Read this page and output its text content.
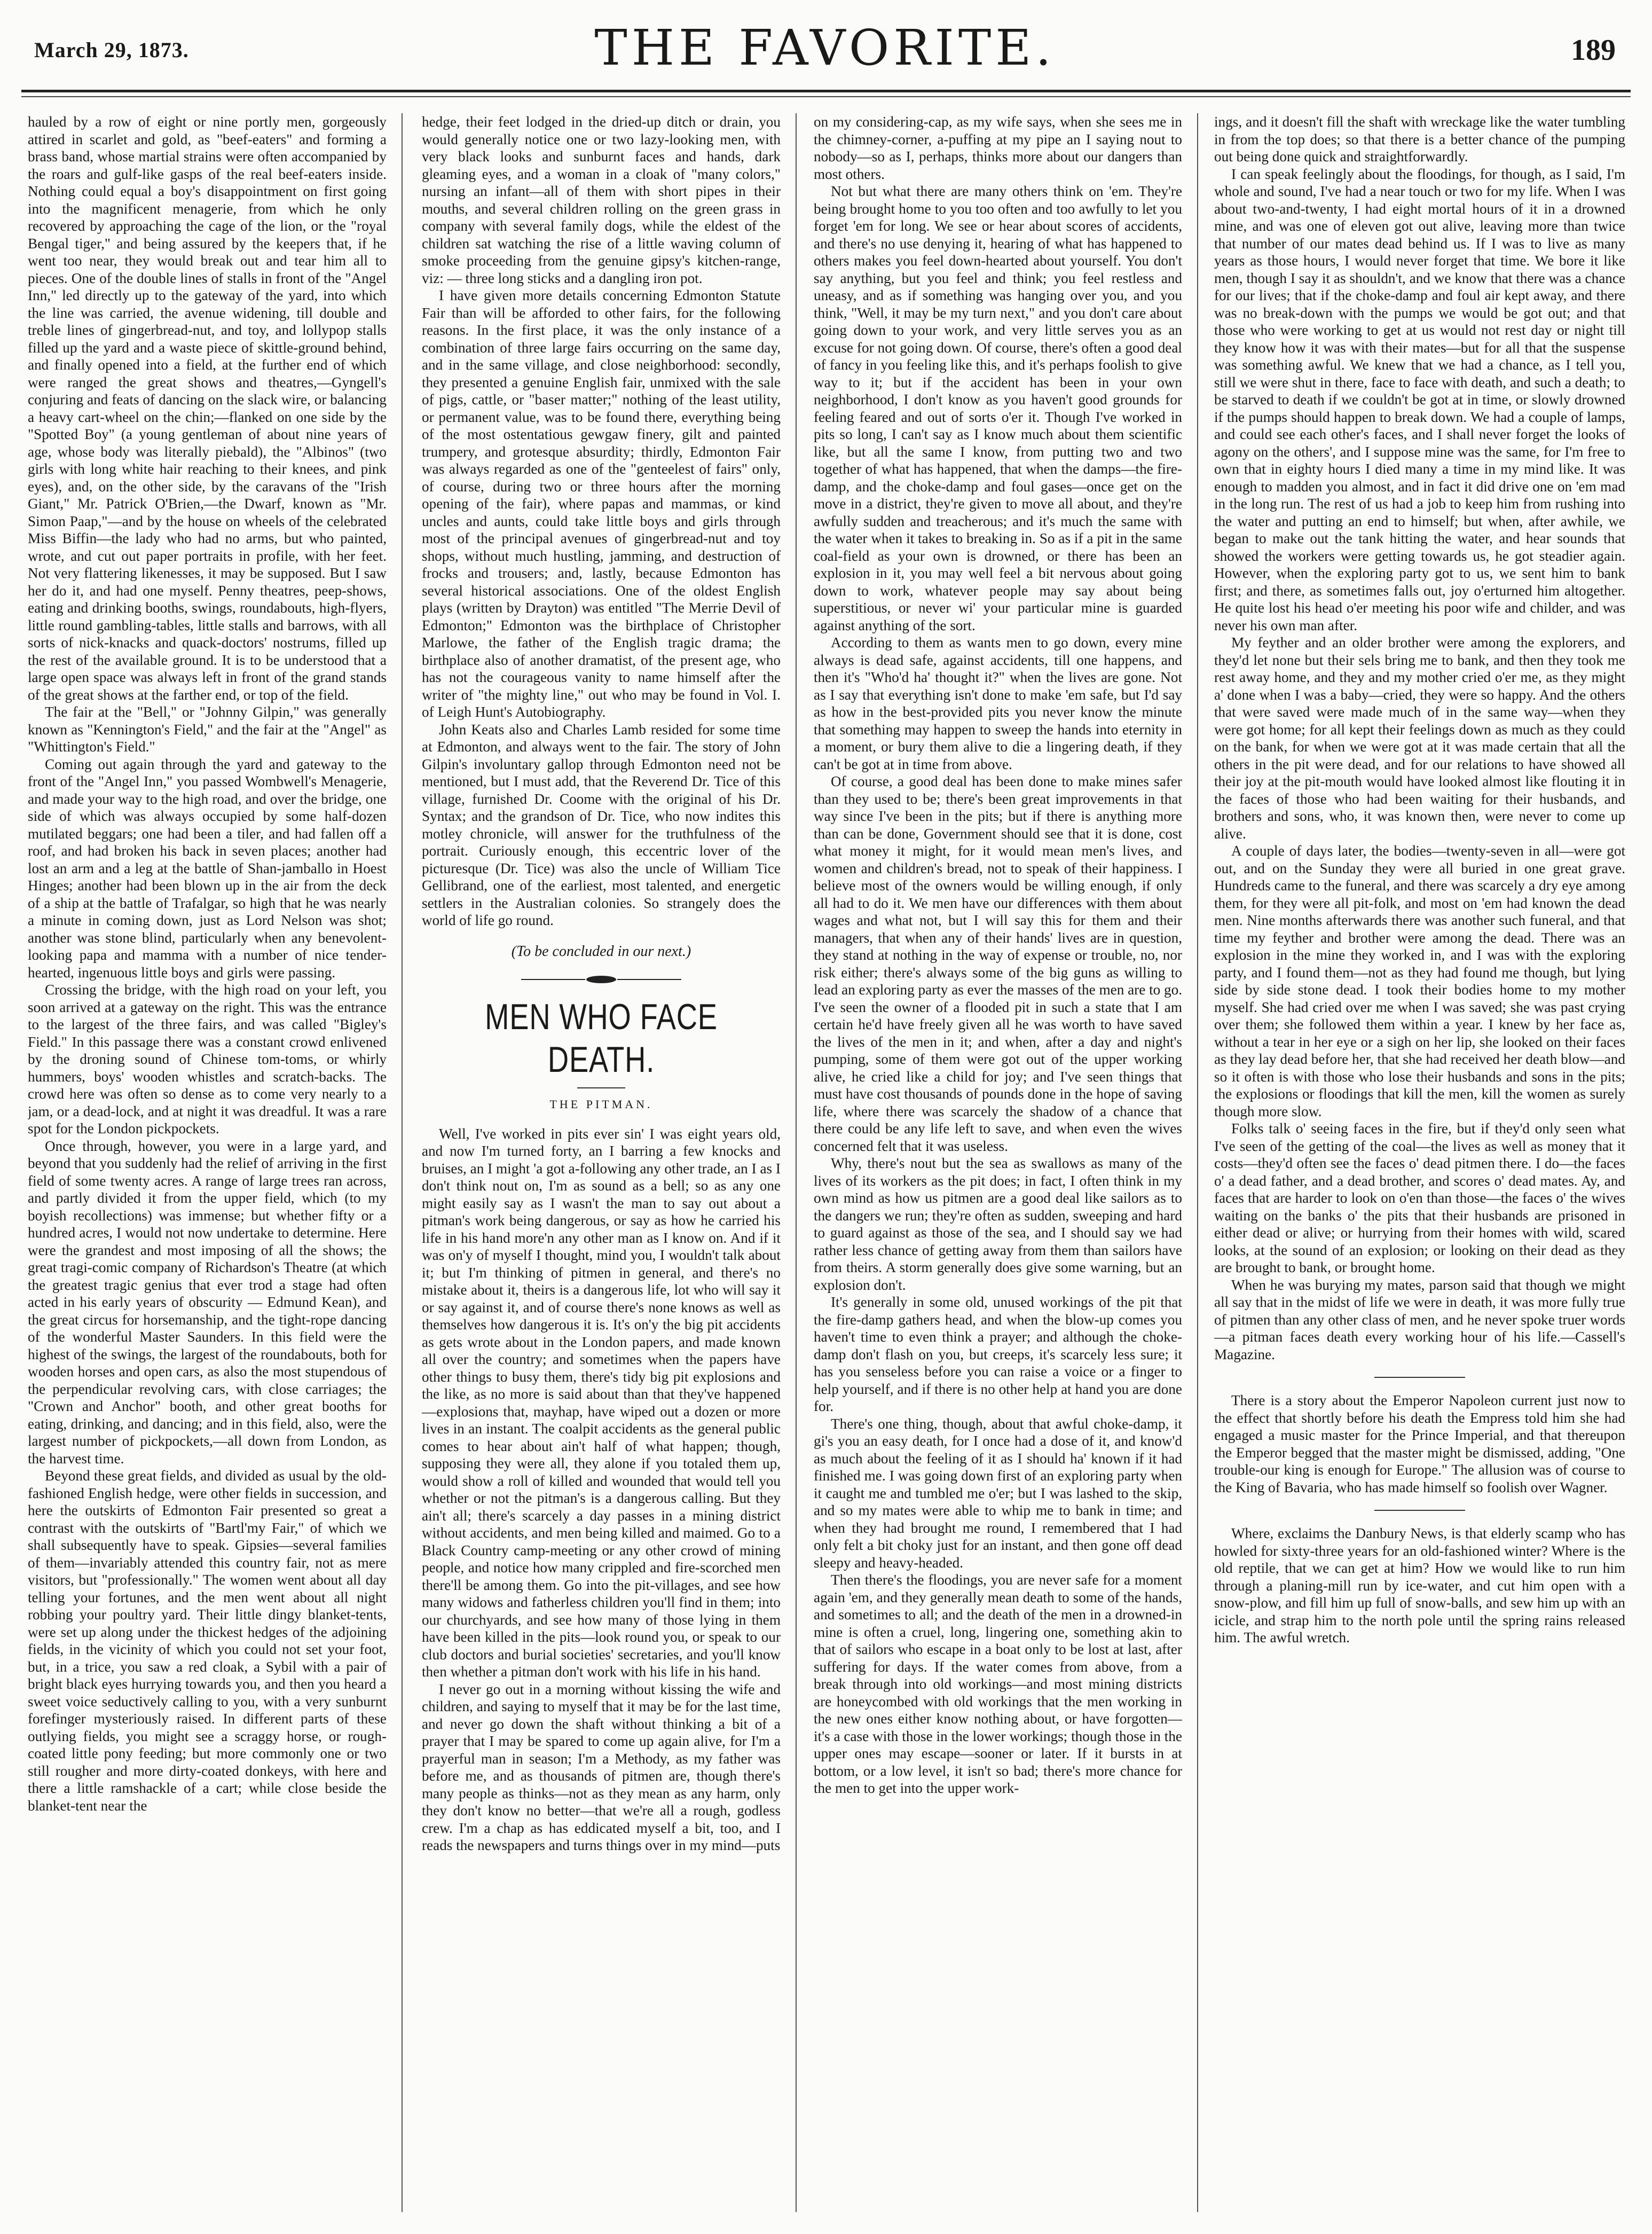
March 29, 1873.	THE FAVORITE.	189

hauled by a row of eight or nine portly men, gorgeously attired in scarlet and gold, as "beef-eaters" and forming a brass band, whose martial strains were often accompanied by the roars and gulf-like gasps of the real beef-eaters inside. Nothing could equal a boy's disappointment on first going into the magnificent menagerie, from which he only recovered by approaching the cage of the lion, or the "royal Bengal tiger," and being assured by the keepers that, if he went too near, they would break out and tear him all to pieces. One of the double lines of stalls in front of the "Angel Inn," led directly up to the gateway of the yard, into which the line was carried, the avenue widening, till double and treble lines of gingerbread-nut, and toy, and lollypop stalls filled up the yard and a waste piece of skittle-ground behind, and finally opened into a field, at the further end of which were ranged the great shows and theatres,—Gyngell's conjuring and feats of dancing on the slack wire, or balancing a heavy cart-wheel on the chin;—flanked on one side by the "Spotted Boy" (a young gentleman of about nine years of age, whose body was literally piebald), the "Albinos" (two girls with long white hair reaching to their knees, and pink eyes), and, on the other side, by the caravans of the "Irish Giant," Mr. Patrick O'Brien,—the Dwarf, known as "Mr. Simon Paap,"—and by the house on wheels of the celebrated Miss Biffin—the lady who had no arms, but who painted, wrote, and cut out paper portraits in profile, with her feet. Not very flattering likenesses, it may be supposed. But I saw her do it, and had one myself. Penny theatres, peep-shows, eating and drinking booths, swings, roundabouts, high-flyers, little round gambling-tables, little stalls and barrows, with all sorts of nick-knacks and quack-doctors' nostrums, filled up the rest of the available ground. It is to be understood that a large open space was always left in front of the grand stands of the great shows at the farther end, or top of the field.

The fair at the "Bell," or "Johnny Gilpin," was generally known as "Kennington's Field," and the fair at the "Angel" as "Whittington's Field."

Coming out again through the yard and gateway to the front of the "Angel Inn," you passed Wombwell's Menagerie, and made your way to the high road, and over the bridge, one side of which was always occupied by some half-dozen mutilated beggars; one had been a tiler, and had fallen off a roof, and had broken his back in seven places; another had lost an arm and a leg at the battle of Shan-jamballo in Hoest Hinges; another had been blown up in the air from the deck of a ship at the battle of Trafalgar, so high that he was nearly a minute in coming down, just as Lord Nelson was shot; another was stone blind, particularly when any benevolent-looking papa and mamma with a number of nice tender-hearted, ingenuous little boys and girls were passing.

Crossing the bridge, with the high road on your left, you soon arrived at a gateway on the right. This was the entrance to the largest of the three fairs, and was called "Bigley's Field." In this passage there was a constant crowd enlivened by the droning sound of Chinese tom-toms, or whirly hummers, boys' wooden whistles and scratch-backs. The crowd here was often so dense as to come very nearly to a jam, or a dead-lock, and at night it was dreadful. It was a rare spot for the London pickpockets.

Once through, however, you were in a large yard, and beyond that you suddenly had the relief of arriving in the first field of some twenty acres. A range of large trees ran across, and partly divided it from the upper field, which (to my boyish recollections) was immense; but whether fifty or a hundred acres, I would not now undertake to determine. Here were the grandest and most imposing of all the shows; the great tragi-comic company of Richardson's Theatre (at which the greatest tragic genius that ever trod a stage had often acted in his early years of obscurity — Edmund Kean), and the great circus for horsemanship, and the tight-rope dancing of the wonderful Master Saunders. In this field were the highest of the swings, the largest of the roundabouts, both for wooden horses and open cars, as also the most stupendous of the perpendicular revolving cars, with close carriages; the "Crown and Anchor" booth, and other great booths for eating, drinking, and dancing; and in this field, also, were the largest number of pickpockets,—all down from London, as the harvest time.

Beyond these great fields, and divided as usual by the old-fashioned English hedge, were other fields in succession, and here the outskirts of Edmonton Fair presented so great a contrast with the outskirts of "Bartl'my Fair," of which we shall subsequently have to speak. Gipsies—several families of them—invariably attended this country fair, not as mere visitors, but "professionally." The women went about all day telling your fortunes, and the men went about all night robbing your poultry yard. Their little dingy blanket-tents, were set up along under the thickest hedges of the adjoining fields, in the vicinity of which you could not set your foot, but, in a trice, you saw a red cloak, a Sybil with a pair of bright black eyes hurrying towards you, and then you heard a sweet voice seductively calling to you, with a very sunburnt forefinger mysteriously raised. In different parts of these outlying fields, you might see a scraggy horse, or rough-coated little pony feeding; but more commonly one or two still rougher and more dirty-coated donkeys, with here and there a little ramshackle of a cart; while close beside the blanket-tent near the

hedge, their feet lodged in the dried-up ditch or drain, you would generally notice one or two lazy-looking men, with very black looks and sunburnt faces and hands, dark gleaming eyes, and a woman in a cloak of "many colors," nursing an infant—all of them with short pipes in their mouths, and several children rolling on the green grass in company with several family dogs, while the eldest of the children sat watching the rise of a little waving column of smoke proceeding from the genuine gipsy's kitchen-range, viz: — three long sticks and a dangling iron pot.

I have given more details concerning Edmonton Statute Fair than will be afforded to other fairs, for the following reasons. In the first place, it was the only instance of a combination of three large fairs occurring on the same day, and in the same village, and close neighborhood: secondly, they presented a genuine English fair, unmixed with the sale of pigs, cattle, or "baser matter;" nothing of the least utility, or permanent value, was to be found there, everything being of the most ostentatious gewgaw finery, gilt and painted trumpery, and grotesque absurdity; thirdly, Edmonton Fair was always regarded as one of the "genteelest of fairs" only, of course, during two or three hours after the morning opening of the fair), where papas and mammas, or kind uncles and aunts, could take little boys and girls through most of the principal avenues of gingerbread-nut and toy shops, without much hustling, jamming, and destruction of frocks and trousers; and, lastly, because Edmonton has several historical associations. One of the oldest English plays (written by Drayton) was entitled "The Merrie Devil of Edmonton;" Edmonton was the birthplace of Christopher Marlowe, the father of the English tragic drama; the birthplace also of another dramatist, of the present age, who has not the courageous vanity to name himself after the writer of "the mighty line," out who may be found in Vol. I. of Leigh Hunt's Autobiography.

John Keats also and Charles Lamb resided for some time at Edmonton, and always went to the fair. The story of John Gilpin's involuntary gallop through Edmonton need not be mentioned, but I must add, that the Reverend Dr. Tice of this village, furnished Dr. Coome with the original of his Dr. Syntax; and the grandson of Dr. Tice, who now indites this motley chronicle, will answer for the truthfulness of the portrait. Curiously enough, this eccentric lover of the picturesque (Dr. Tice) was also the uncle of William Tice Gellibrand, one of the earliest, most talented, and energetic settlers in the Australian colonies. So strangely does the world of life go round.

(To be concluded in our next.)
MEN WHO FACE DEATH.
THE PITMAN.

Well, I've worked in pits ever sin' I was eight years old, and now I'm turned forty, an I barring a few knocks and bruises, an I might 'a got a-following any other trade, an I as I don't think nout on, I'm as sound as a bell; so as any one might easily say as I wasn't the man to say out about a pitman's work being dangerous, or say as how he carried his life in his hand more'n any other man as I know on. And if it was on'y of myself I thought, mind you, I wouldn't talk about it; but I'm thinking of pitmen in general, and there's no mistake about it, theirs is a dangerous life, lot who will say it or say against it, and of course there's none knows as well as themselves how dangerous it is. It's on'y the big pit accidents as gets wrote about in the London papers, and made known all over the country; and sometimes when the papers have other things to busy them, there's tidy big pit explosions and the like, as no more is said about than that they've happened—explosions that, mayhap, have wiped out a dozen or more lives in an instant. The coalpit accidents as the general public comes to hear about ain't half of what happen; though, supposing they were all, they alone if you totaled them up, would show a roll of killed and wounded that would tell you whether or not the pitman's is a dangerous calling. But they ain't all; there's scarcely a day passes in a mining district without accidents, and men being killed and maimed. Go to a Black Country camp-meeting or any other crowd of mining people, and notice how many crippled and fire-scorched men there'll be among them. Go into the pit-villages, and see how many widows and fatherless children you'll find in them; into our churchyards, and see how many of those lying in them have been killed in the pits—look round you, or speak to our club doctors and burial societies' secretaries, and you'll know then whether a pitman don't work with his life in his hand.

I never go out in a morning without kissing the wife and children, and saying to myself that it may be for the last time, and never go down the shaft without thinking a bit of a prayer that I may be spared to come up again alive, for I'm a prayerful man in season; I'm a Methody, as my father was before me, and as thousands of pitmen are, though there's many people as thinks—not as they mean as any harm, only they don't know no better—that we're all a rough, godless crew. I'm a chap as has eddicated myself a bit, too, and I reads the newspapers and turns things over in my mind—puts

on my considering-cap, as my wife says, when she sees me in the chimney-corner, a-puffing at my pipe an I saying nout to nobody—so as I, perhaps, thinks more about our dangers than most others.

Not but what there are many others think on 'em. They're being brought home to you too often and too awfully to let you forget 'em for long. We see or hear about scores of accidents, and there's no use denying it, hearing of what has happened to others makes you feel down-hearted about yourself. You don't say anything, but you feel and think; you feel restless and uneasy, and as if something was hanging over you, and you think, "Well, it may be my turn next," and you don't care about going down to your work, and very little serves you as an excuse for not going down. Of course, there's often a good deal of fancy in you feeling like this, and it's perhaps foolish to give way to it; but if the accident has been in your own neighborhood, I don't know as you haven't good grounds for feeling feared and out of sorts o'er it. Though I've worked in pits so long, I can't say as I know much about them scientific like, but all the same I know, from putting two and two together of what has happened, that when the damps—the fire-damp, and the choke-damp and foul gases—once get on the move in a district, they're given to move all about, and they're awfully sudden and treacherous; and it's much the same with the water when it takes to breaking in. So as if a pit in the same coal-field as your own is drowned, or there has been an explosion in it, you may well feel a bit nervous about going down to work, whatever people may say about being superstitious, or never wi' your particular mine is guarded against anything of the sort.

According to them as wants men to go down, every mine always is dead safe, against accidents, till one happens, and then it's "Who'd ha' thought it?" when the lives are gone. Not as I say that everything isn't done to make 'em safe, but I'd say as how in the best-provided pits you never know the minute that something may happen to sweep the hands into eternity in a moment, or bury them alive to die a lingering death, if they can't be got at in time from above.

Of course, a good deal has been done to make mines safer than they used to be; there's been great improvements in that way since I've been in the pits; but if there is anything more than can be done, Government should see that it is done, cost what money it might, for it would mean men's lives, and women and children's bread, not to speak of their happiness. I believe most of the owners would be willing enough, if only all had to do it. We men have our differences with them about wages and what not, but I will say this for them and their managers, that when any of their hands' lives are in question, they stand at nothing in the way of expense or trouble, no, nor risk either; there's always some of the big guns as willing to lead an exploring party as ever the masses of the men are to go. I've seen the owner of a flooded pit in such a state that I am certain he'd have freely given all he was worth to have saved the lives of the men in it; and when, after a day and night's pumping, some of them were got out of the upper working alive, he cried like a child for joy; and I've seen things that must have cost thousands of pounds done in the hope of saving life, where there was scarcely the shadow of a chance that there could be any life left to save, and when even the wives concerned felt that it was useless.

Why, there's nout but the sea as swallows as many of the lives of its workers as the pit does; in fact, I often think in my own mind as how us pitmen are a good deal like sailors as to the dangers we run; they're often as sudden, sweeping and hard to guard against as those of the sea, and I should say we had rather less chance of getting away from them than sailors have from theirs. A storm generally does give some warning, but an explosion don't.

It's generally in some old, unused workings of the pit that the fire-damp gathers head, and when the blow-up comes you haven't time to even think a prayer; and although the choke-damp don't flash on you, but creeps, it's scarcely less sure; it has you senseless before you can raise a voice or a finger to help yourself, and if there is no other help at hand you are done for.

There's one thing, though, about that awful choke-damp, it gi's you an easy death, for I once had a dose of it, and know'd as much about the feeling of it as I should ha' known if it had finished me. I was going down first of an exploring party when it caught me and tumbled me o'er; but I was lashed to the skip, and so my mates were able to whip me to bank in time; and when they had brought me round, I remembered that I had only felt a bit choky just for an instant, and then gone off dead sleepy and heavy-headed.

Then there's the floodings, you are never safe for a moment again 'em, and they generally mean death to some of the hands, and sometimes to all; and the death of the men in a drowned-in mine is often a cruel, long, lingering one, something akin to that of sailors who escape in a boat only to be lost at last, after suffering for days. If the water comes from above, from a break through into old workings—and most mining districts are honeycombed with old workings that the men working in the new ones either know nothing about, or have forgotten—it's a case with those in the lower workings; though those in the upper ones may escape—sooner or later. If it bursts in at bottom, or a low level, it isn't so bad; there's more chance for the men to get into the upper work-

ings, and it doesn't fill the shaft with wreckage like the water tumbling in from the top does; so that there is a better chance of the pumping out being done quick and straightforwardly.

I can speak feelingly about the floodings, for though, as I said, I'm whole and sound, I've had a near touch or two for my life. When I was about two-and-twenty, I had eight mortal hours of it in a drowned mine, and was one of eleven got out alive, leaving more than twice that number of our mates dead behind us. If I was to live as many years as those hours, I would never forget that time. We bore it like men, though I say it as shouldn't, and we know that there was a chance for our lives; that if the choke-damp and foul air kept away, and there was no break-down with the pumps we would be got out; and that those who were working to get at us would not rest day or night till they know how it was with their mates—but for all that the suspense was something awful. We knew that we had a chance, as I tell you, still we were shut in there, face to face with death, and such a death; to be starved to death if we couldn't be got at in time, or slowly drowned if the pumps should happen to break down. We had a couple of lamps, and could see each other's faces, and I shall never forget the looks of agony on the others', and I suppose mine was the same, for I'm free to own that in eighty hours I died many a time in my mind like. It was enough to madden you almost, and in fact it did drive one on 'em mad in the long run. The rest of us had a job to keep him from rushing into the water and putting an end to himself; but when, after awhile, we began to make out the tank hitting the water, and hear sounds that showed the workers were getting towards us, he got steadier again. However, when the exploring party got to us, we sent him to bank first; and there, as sometimes falls out, joy o'erturned him altogether. He quite lost his head o'er meeting his poor wife and childer, and was never his own man after.

My feyther and an older brother were among the explorers, and they'd let none but their sels bring me to bank, and then they took me rest away home, and they and my mother cried o'er me, as they might a' done when I was a baby—cried, they were so happy. And the others that were saved were made much of in the same way—when they were got home; for all kept their feelings down as much as they could on the bank, for when we were got at it was made certain that all the others in the pit were dead, and for our relations to have showed all their joy at the pit-mouth would have looked almost like flouting it in the faces of those who had been waiting for their husbands, and brothers and sons, who, it was known then, were never to come up alive.

A couple of days later, the bodies—twenty-seven in all—were got out, and on the Sunday they were all buried in one great grave. Hundreds came to the funeral, and there was scarcely a dry eye among them, for they were all pit-folk, and most on 'em had known the dead men. Nine months afterwards there was another such funeral, and that time my feyther and brother were among the dead. There was an explosion in the mine they worked in, and I was with the exploring party, and I found them—not as they had found me though, but lying side by side stone dead. I took their bodies home to my mother myself. She had cried over me when I was saved; she was past crying over them; she followed them within a year. I knew by her face as, without a tear in her eye or a sigh on her lip, she looked on their faces as they lay dead before her, that she had received her death blow—and so it often is with those who lose their husbands and sons in the pits; the explosions or floodings that kill the men, kill the women as surely though more slow.

Folks talk o' seeing faces in the fire, but if they'd only seen what I've seen of the getting of the coal—the lives as well as money that it costs—they'd often see the faces o' dead pitmen there. I do—the faces o' a dead father, and a dead brother, and scores o' dead mates. Ay, and faces that are harder to look on o'en than those—the faces o' the wives waiting on the banks o' the pits that their husbands are prisoned in either dead or alive; or hurrying from their homes with wild, scared looks, at the sound of an explosion; or looking on their dead as they are brought to bank, or brought home.

When he was burying my mates, parson said that though we might all say that in the midst of life we were in death, it was more fully true of pitmen than any other class of men, and he never spoke truer words—a pitman faces death every working hour of his life.—Cassell's Magazine.

There is a story about the Emperor Napoleon current just now to the effect that shortly before his death the Empress told him she had engaged a music master for the Prince Imperial, and that thereupon the Emperor begged that the master might be dismissed, adding, "One trouble-our king is enough for Europe." The allusion was of course to the King of Bavaria, who has made himself so foolish over Wagner.

Where, exclaims the Danbury News, is that elderly scamp who has howled for sixty-three years for an old-fashioned winter? Where is the old reptile, that we can get at him? How we would like to run him through a planing-mill run by ice-water, and cut him open with a snow-plow, and fill him up full of snow-balls, and sew him up with an icicle, and strap him to the north pole until the spring rains released him. The awful wretch.
